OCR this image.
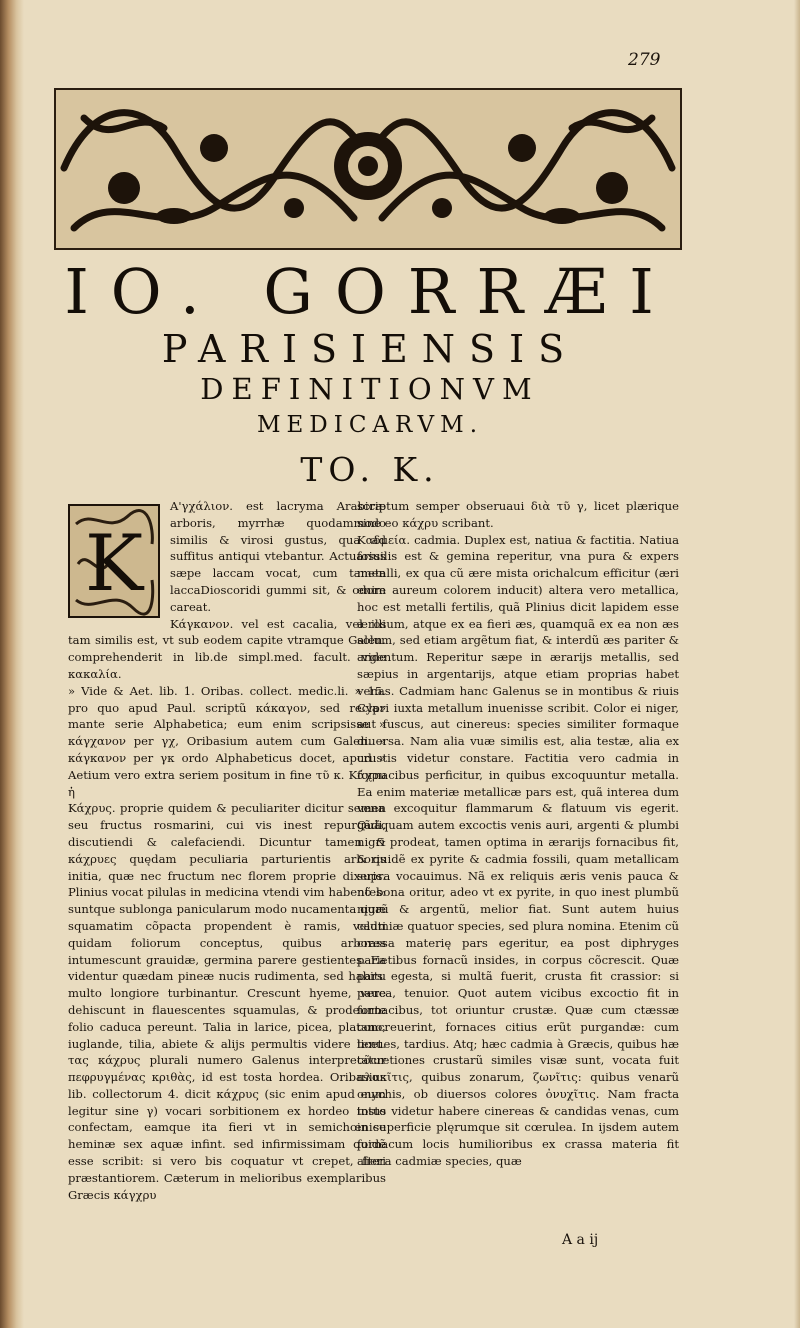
279
IO. GORRÆI
PARISIENSIS
DEFINITIONVM
MEDICARVM.
TO. K.
K

Α'γχάλιον. est lacryma Arabicæ arboris, myrrhæ quodammodo similis & virosi gustus, qua ad suffitus antiqui vtebantur. Actuarius sæpe laccam vocat, cum tamen laccaDioscoridi gummi sit, & odore careat.

Κάγκανον. vel est cacalia, vel illi tam similis est, vt sub eodem capite vtramque Galen. comprehenderit in lib.de simpl.med. facult. vide κακαλία.

» Vide & Aet. lib. 1. Oribas. collect. medic.li. » 15. pro quo apud Paul. scriptũ κάκαγον, sed recla» mante serie Alphabetica; eum enim scripsisse » κάγχανον per γχ, Oribasium autem cum Galen. » κάγκανον per γκ ordo Alphabeticus docet, apud » Aetium vero extra seriem positum in fine τῦ κ. Κάχρυ ἡ

Κάχρυς. proprie quidem & peculiariter dicitur semen seu fructus rosmarini, cui vis inest repurgãdi, discutiendi & calefaciendi. Dicuntur tamen & κάχρυες quędam peculiaria parturientis arboris initia, quæ nec fructum nec florem proprie dixeris. Plinius vocat pilulas in medicina vtendi vim habentes: suntque sublonga panicularum modo nucamenta quæ squamatim cõpacta propendent è ramis, veluti quidam foliorum conceptus, quibus arbores intumescunt grauidæ, germina parere gestientes. Ea videntur quædam pineæ nucis rudimenta, sed habitu multo longiore turbinantur. Crescunt hyeme, vere dehiscunt in flauescentes squamulas, & prodeunte folio caduca pereunt. Talia in larice, picea, platano, iuglande, tilia, abiete & alijs permultis videre licet. τας κάχρυς plurali numero Galenus interpretatur πεφρυγμένας κριθὰς, id est tosta hordea. Oribasius lib. collectorum 4. dicit κάχρυς (sic enim apud eum legitur sine γ) vocari sorbitionem ex hordeo tosto confectam, eamque ita fieri vt in semichœnice heminæ sex aquæ infint. sed infirmissimam quidẽ esse scribit: si vero bis coquatur vt crepet, fieri præstantiorem. Cæterum in melioribus exemplaribus Græcis κάγχρυ

scriptum semper obseruaui διὰ τῦ γ, licet plærique sine eo κάχρυ scribant.

Καδμεία. cadmia. Duplex est, natiua & factitia. Natiua fossilis est & gemina reperitur, vna pura & expers metalli, ex qua cũ ære mista orichalcum efficitur (æri enim aureum colorem inducit) altera vero metallica, hoc est metalli fertilis, quã Plinius dicit lapidem esse ærosum, atque ex ea fieri æs, quamquã ex ea non æs solum, sed etiam argẽtum fiat, & interdũ æs pariter & argentum. Reperitur sæpe in ærarijs metallis, sed sæpius in argentarijs, atque etiam proprias habet venas. Cadmiam hanc Galenus se in montibus & riuis Cypri iuxta metallum inuenisse scribit. Color ei niger, aut fuscus, aut cinereus: species similiter formaque diuersa. Nam alia vuæ similis est, alia testæ, alia ex crustis videtur constare. Factitia vero cadmia in fornacibus perficitur, in quibus excoquuntur metalla. Ea enim materiæ metallicæ pars est, quã interea dum vena excoquitur flammarum & flatuum vis egerit. Quãquam autem excoctis venis auri, argenti & plumbi nigri prodeat, tamen optima in ærarijs fornacibus fit, & quidẽ ex pyrite & cadmia fossili, quam metallicam supra vocauimus. Nã ex reliquis æris venis pauca & nõ bona oritur, adeo vt ex pyrite, in quo inest plumbũ nigrũ & argentũ, melior fiat. Sunt autem huius cadmiæ quatuor species, sed plura nomina. Etenim cũ crassa materię pars egeritur, ea post diphryges parietibus fornacũ insides, in corpus cõcrescit. Quæ pars egesta, si multã fuerit, crusta fit crassior: si pauca, tenuior. Quot autem vicibus excoctio fit in fornacibus, tot oriuntur crustæ. Quæ cum ctæssæ concreuerint, fornaces citius erũt purgandæ: cum tenues, tardius. Atq; hæc cadmia à Græcis, quibus hæ cõcretiones crustarũ similes visæ sunt, vocata fuit πλακῖτις, quibus zonarum, ζωνῖτις: quibus venarũ onychis, ob diuersos colores ὀνυχῖτις. Nam fracta intus videtur habere cinereas & candidas venas, cum in superficie plęrumque sit cœrulea. In ijsdem autem fornacum locis humilioribus ex crassa materia fit altera cadmiæ species, quæ

A a ij
